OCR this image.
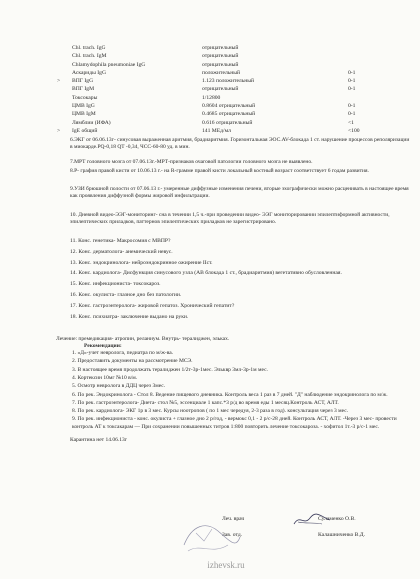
Chl. trach. IgG	отрицательный
Chl. trach. IgM	отрицательный
Chlamydophila pneumoniae IgG	отрицательный
Аскариды IgG	положительный	0-1
> ВПГ IgG	1.123 положительный	0-1
ВПГ IgM	отрицательный	0-1
Токсокары	1/12800
ЦМВ IgG	0.8604 отрицательный	0-1
ЦМВ IgM	0.4685 отрицательный	0-1
Лямблии (ИФА)	0.616 отрицательный	<1
> IgE общий	141 МЕд/мл	<100
6.ЭКГ от 06.06.13г- синусовая выраженная аритмия, брадиаритмия. Горизонтальная ЭОС.AV-блокада 1 ст. нарушение процессов реполяризации в миокарде.PQ-0,18 QT -0,34, ЧСС-60-80 уд. в мин.
7.МРТ головного мозга от 07.06.13г.-МРТ-признаков очаговой патологии головного мозга не выявлено.
8.Р- графия правой кисти от 10.06.13 г.- на R-грамме правой кисти локальный костный возраст соответствует 6 годам развития.
9.УЗИ брюшной полости от 07.06.13 г.- умеренные диффузные изменения печени, вторые эхографически можно расценивать в настоящее время как проявления диффузной формы жировой инфильтрации.
10. Дневной видео-ЭЭГ-мониторинг- сна в течении 1,5 ч.-при проведении видео- ЭЭГ мониторировании эпилептиформной активности, эпилептических приладков, паттернов эпилептических приладков не зарегистрировано.
11. Конс. генетика- Макросомия с МВПР?
12. Конс. дерматолога- анемический невус.
13. Конс. эндокринолога- нейроэндокринное ожирение IIст.
14. Конс. кардиолога- Дисфункция синусового узла (АВ блокада 1 ст., брадиаритмия) вегетативно обусловленная.
15. Конс. инфекциониста- токсокароз.
16. Конс. окулиста- глазное дно без патологии.
17. Конс. гастроэнтеролога- жировой гепатоз. Хронический гепатит?
18. Конс. психиатра- заключение выдано на руки.
Лечение: премедикация- атропин, реланиум. Внутрь- тералиджен, эльках.
Рекомендации:
1. «Д»-учет невролога, педиатра по м/ж-ва.
2. Предоставить документы на рассмотрение МСЭ.
3. В настоящее время продолжать тералиджен 1/2т-3р-1мес. Эльквр 3мл-3р-1м мес.
4. Кортексин 10мг №10 в/м.
5. Осмотр невролога в ДДЦ через 3мес.
6. По рек. Эндокринолога - Стол 8. Ведение пищевого дневника. Контроль веса 1 раз в 7 дней. "Д" наблюдение эндокринолога по м/ж.
7. По рек. гастроэнтеролога- Диета- стол №5, эссенциале 1 капс.*3 р/д во время еды 1 месяц.Контроль АСТ, АЛТ.
8. По рек. кардиолога- ЭКГ 1р в 3 мес. Курсы ноотропов ( по 1 мес чередуя, 2-3 раза в год). консультация через 3 мес.
9. По рек. инфекциониста - конс. окулиста + глазное дно 2 р/год, - вермокс 0,1 - 2 р/с-28 дней. Контроль АСТ, АЛТ. -Через 3 мес- провести контроль АТ к токсакарам — При сохранении повышенных титров 1:800 повторить лечение токсокароза. - хофитол 1т.-3 р/с-1 мес.
Карантина нет 14.06.13г
Леч. врач	Суламенко О.В.
Зав. отд.	Калашниченко В.Д.
izhevsk.ru
